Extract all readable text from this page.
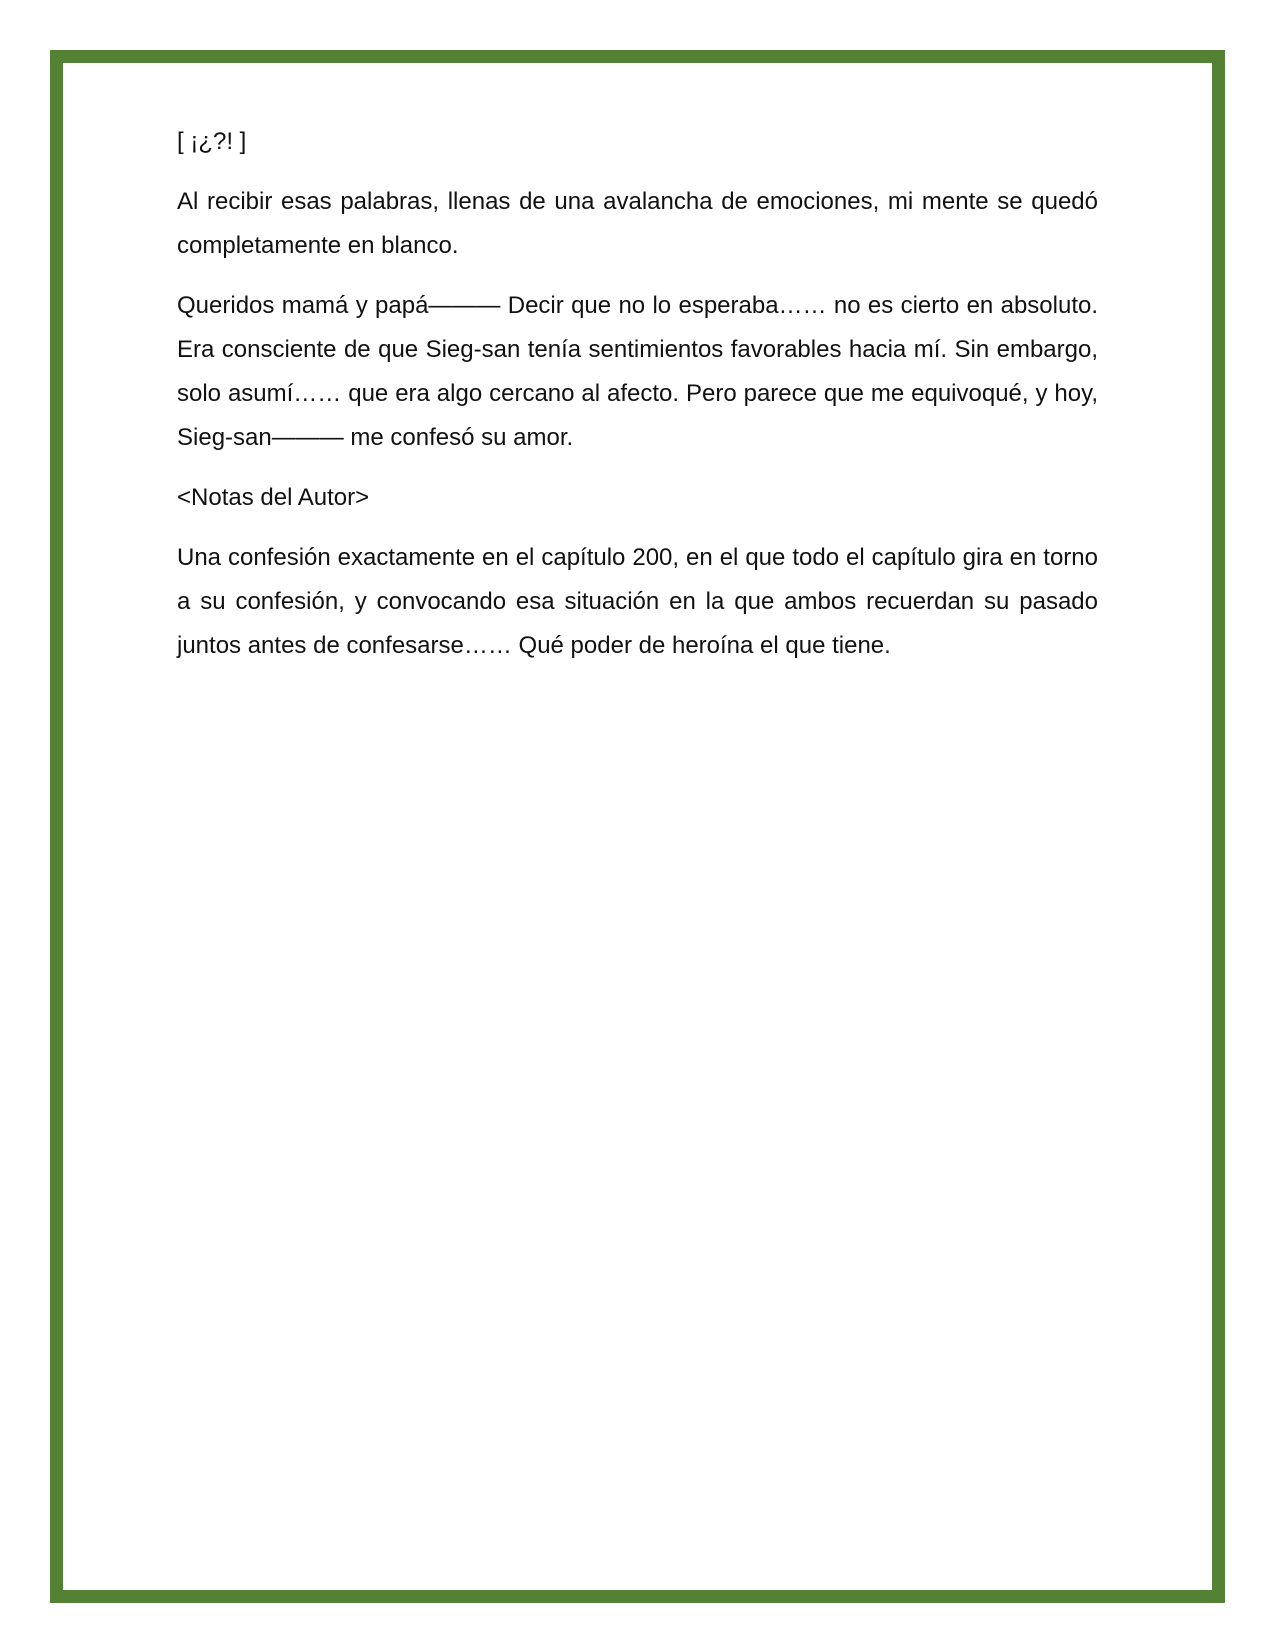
[ ¡¿?! ]

Al recibir esas palabras, llenas de una avalancha de emociones, mi mente se quedó completamente en blanco.

Queridos mamá y papá——— Decir que no lo esperaba…… no es cierto en absoluto. Era consciente de que Sieg-san tenía sentimientos favorables hacia mí. Sin embargo, solo asumí…… que era algo cercano al afecto. Pero parece que me equivoqué, y hoy, Sieg-san——— me confesó su amor.

<Notas del Autor>

Una confesión exactamente en el capítulo 200, en el que todo el capítulo gira en torno a su confesión, y convocando esa situación en la que ambos recuerdan su pasado juntos antes de confesarse…… Qué poder de heroína el que tiene.
